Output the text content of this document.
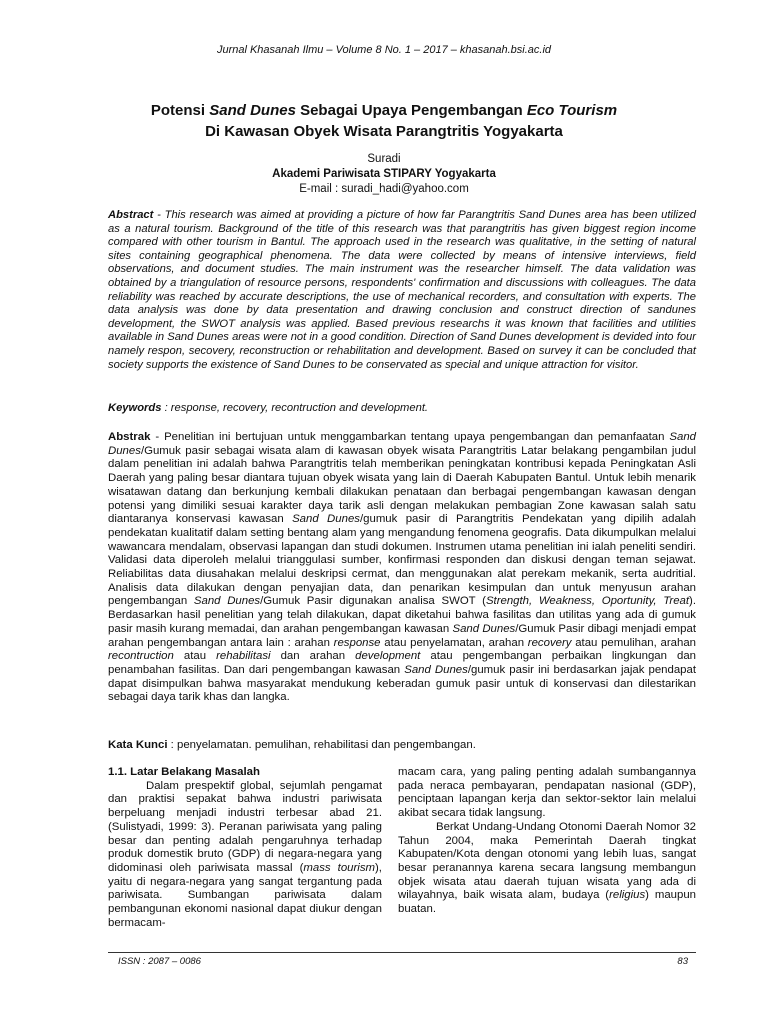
Jurnal Khasanah Ilmu – Volume 8 No. 1 – 2017 – khasanah.bsi.ac.id
Potensi Sand Dunes Sebagai Upaya Pengembangan Eco Tourism
Di Kawasan Obyek Wisata Parangtritis Yogyakarta
Suradi
Akademi Pariwisata STIPARY Yogyakarta
E-mail : suradi_hadi@yahoo.com
Abstract - This research was aimed at providing a picture of how far Parangtritis Sand Dunes area has been utilized as a natural tourism. Background of the title of this research was that parangtritis has given biggest region income compared with other tourism in Bantul. The approach used in the research was qualitative, in the setting of natural sites containing geographical phenomena. The data were collected by means of intensive interviews, field observations, and document studies. The main instrument was the researcher himself. The data validation was obtained by a triangulation of resource persons, respondents' confirmation and discussions with colleagues. The data reliability was reached by accurate descriptions, the use of mechanical recorders, and consultation with experts. The data analysis was done by data presentation and drawing conclusion and construct direction of sandunes development, the SWOT analysis was applied. Based previous researchs it was known that facilities and utilities available in Sand Dunes areas were not in a good condition. Direction of Sand Dunes development is devided into four namely respon, secovery, reconstruction or rehabilitation and development. Based on survey it can be concluded that society supports the existence of Sand Dunes to be conservated as special and unique attraction for visitor.
Keywords : response, recovery, recontruction and development.
Abstrak - Penelitian ini bertujuan untuk menggambarkan tentang upaya pengembangan dan pemanfaatan Sand Dunes/Gumuk pasir sebagai wisata alam di kawasan obyek wisata Parangtritis Latar belakang pengambilan judul dalam penelitian ini adalah bahwa Parangtritis telah memberikan peningkatan kontribusi kepada Peningkatan Asli Daerah yang paling besar diantara tujuan obyek wisata yang lain di Daerah Kabupaten Bantul. Untuk lebih menarik wisatawan datang dan berkunjung kembali dilakukan penataan dan berbagai pengembangan kawasan dengan potensi yang dimiliki sesuai karakter daya tarik asli dengan melakukan pembagian Zone kawasan salah satu diantaranya konservasi kawasan Sand Dunes/gumuk pasir di Parangtritis Pendekatan yang dipilih adalah pendekatan kualitatif dalam setting bentang alam yang mengandung fenomena geografis. Data dikumpulkan melalui wawancara mendalam, observasi lapangan dan studi dokumen. Instrumen utama penelitian ini ialah peneliti sendiri. Validasi data diperoleh melalui trianggulasi sumber, konfirmasi responden dan diskusi dengan teman sejawat. Reliabilitas data diusahakan melalui deskripsi cermat, dan menggunakan alat perekam mekanik, serta audritial. Analisis data dilakukan dengan penyajian data, dan penarikan kesimpulan dan untuk menyusun arahan pengembangan Sand Dunes/Gumuk Pasir digunakan analisa SWOT (Strength, Weakness, Oportunity, Treat). Berdasarkan hasil penelitian yang telah dilakukan, dapat diketahui bahwa fasilitas dan utilitas yang ada di gumuk pasir masih kurang memadai, dan arahan pengembangan kawasan Sand Dunes/Gumuk Pasir dibagi menjadi empat arahan pengembangan antara lain : arahan response atau penyelamatan, arahan recovery atau pemulihan, arahan recontruction atau rehabilitasi dan arahan development atau pengembangan perbaikan lingkungan dan penambahan fasilitas. Dan dari pengembangan kawasan Sand Dunes/gumuk pasir ini berdasarkan jajak pendapat dapat disimpulkan bahwa masyarakat mendukung keberadan gumuk pasir untuk di konservasi dan dilestarikan sebagai daya tarik khas dan langka.
Kata Kunci : penyelamatan. pemulihan, rehabilitasi dan pengembangan.

1.1. Latar Belakang Masalah

Dalam prespektif global, sejumlah pengamat dan praktisi sepakat bahwa industri pariwisata berpeluang menjadi industri terbesar abad 21. (Sulistyadi, 1999: 3). Peranan pariwisata yang paling besar dan penting adalah pengaruhnya terhadap produk domestik bruto (GDP) di negara-negara yang didominasi oleh pariwisata massal (mass tourism), yaitu di negara-negara yang sangat tergantung pada pariwisata. Sumbangan pariwisata dalam pembangunan ekonomi nasional dapat diukur dengan bermacam-

macam cara, yang paling penting adalah sumbangannya pada neraca pembayaran, pendapatan nasional (GDP), penciptaan lapangan kerja dan sektor-sektor lain melalui akibat secara tidak langsung.

Berkat Undang-Undang Otonomi Daerah Nomor 32 Tahun 2004, maka Pemerintah Daerah tingkat Kabupaten/Kota dengan otonomi yang lebih luas, sangat besar peranannya karena secara langsung membangun objek wisata atau daerah tujuan wisata yang ada di wilayahnya, baik wisata alam, budaya (religius) maupun buatan.

ISSN : 2087 – 0086	83
